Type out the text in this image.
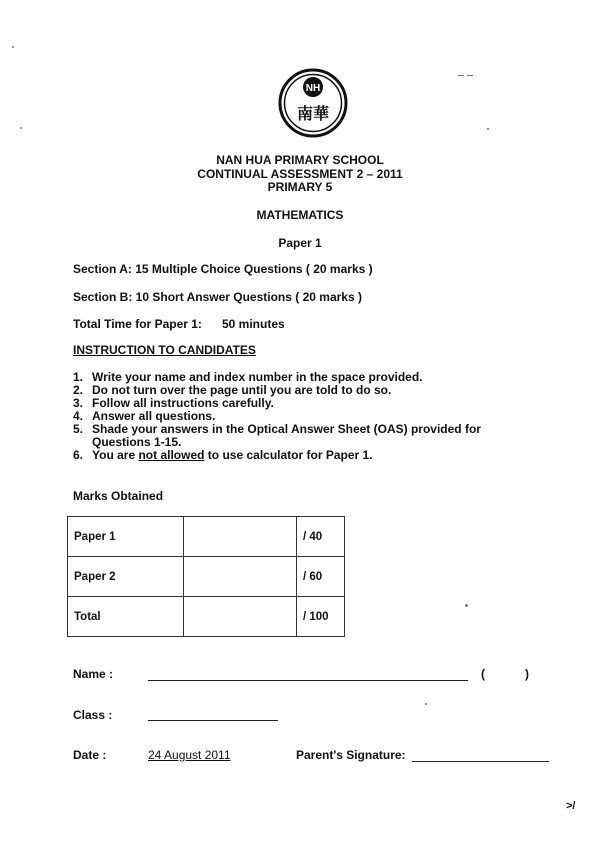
NH
南華
NAN HUA PRIMARY SCHOOL
CONTINUAL ASSESSMENT 2 – 2011
PRIMARY 5
MATHEMATICS
Paper 1
Section A: 15 Multiple Choice Questions ( 20 marks )
Section B: 10 Short Answer Questions ( 20 marks )
Total Time for Paper 1: 50 minutes
INSTRUCTION TO CANDIDATES
1. Write your name and index number in the space provided.
2. Do not turn over the page until you are told to do so.
3. Follow all instructions carefully.
4. Answer all questions.
5. Shade your answers in the Optical Answer Sheet (OAS) provided for Questions 1-15.
6. You are not allowed to use calculator for Paper 1.
Marks Obtained
Paper 1		/ 40
Paper 2		/ 60
Total		/ 100
Name :	(	)
Class :
Date :	24 August 2011	Parent's Signature:
>/
